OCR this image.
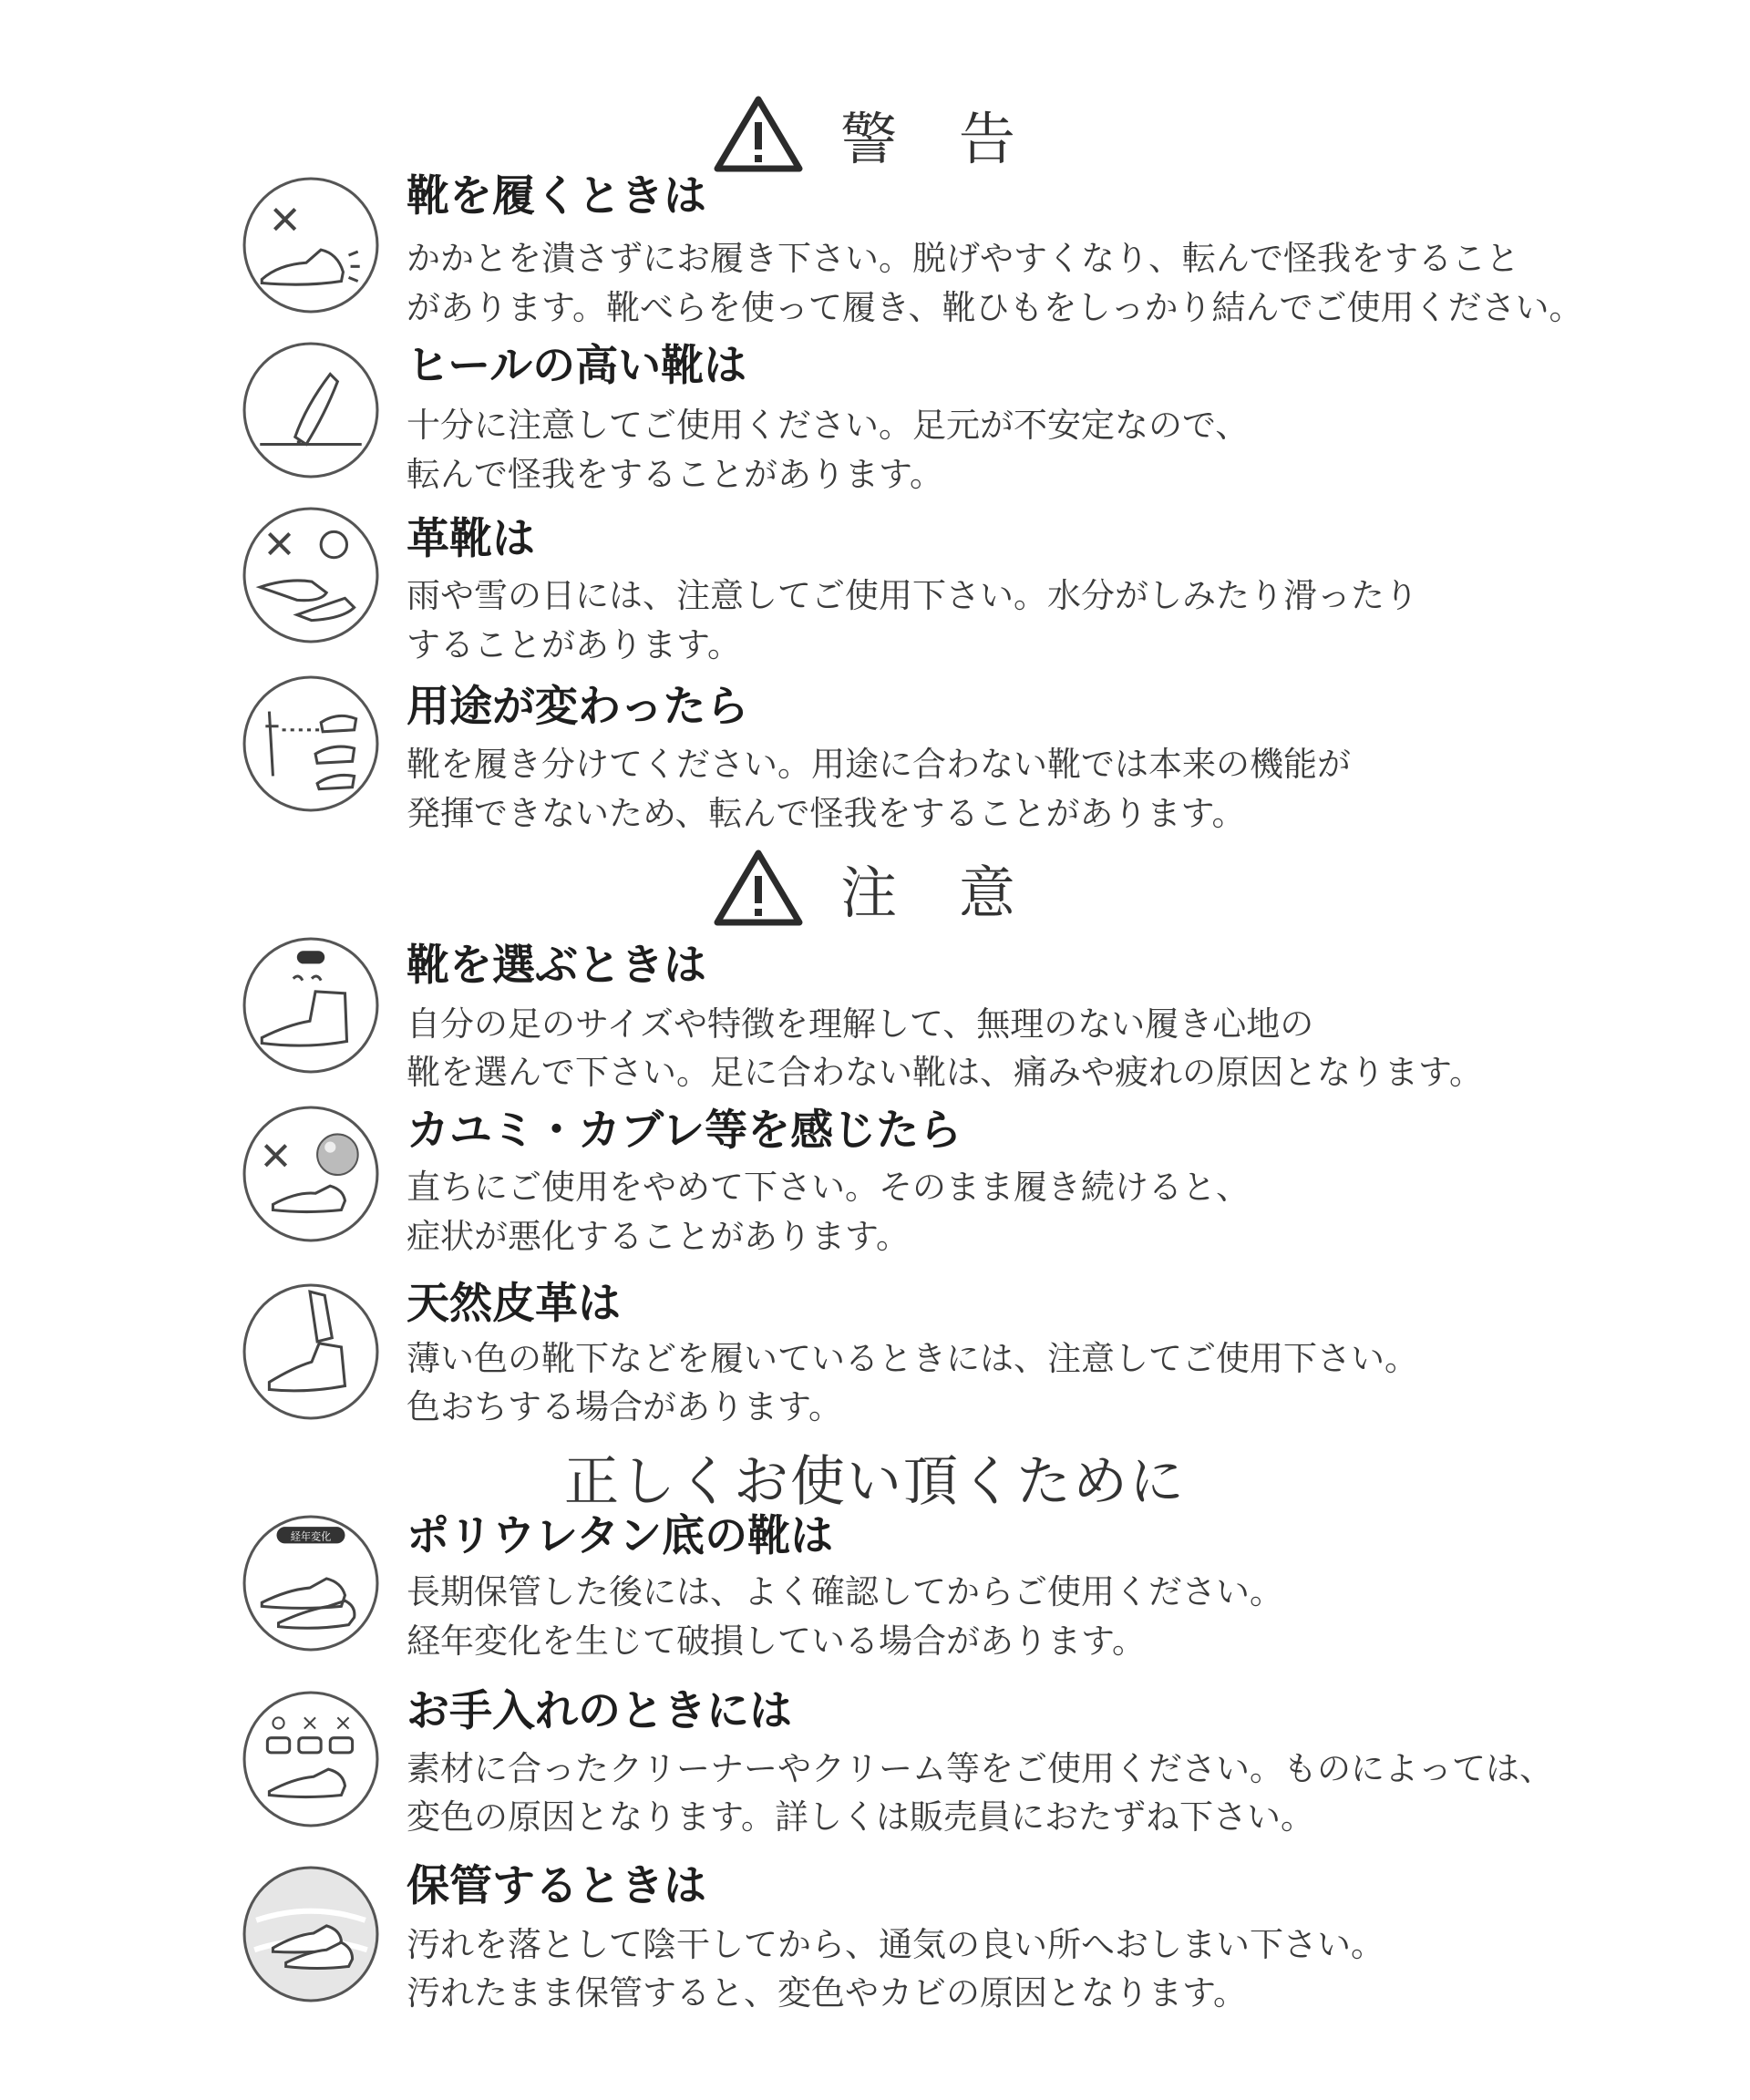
警 告
靴を履くときは
かかとを潰さずにお履き下さい。脱げやすくなり、転んで怪我をすること
があります。靴べらを使って履き、靴ひもをしっかり結んでご使用ください。
ヒールの高い靴は
十分に注意してご使用ください。足元が不安定なので、
転んで怪我をすることがあります。
革靴は
雨や雪の日には、注意してご使用下さい。水分がしみたり滑ったり
することがあります。
用途が変わったら
靴を履き分けてください。用途に合わない靴では本来の機能が
発揮できないため、転んで怪我をすることがあります。
注 意
靴を選ぶときは
自分の足のサイズや特徴を理解して、無理のない履き心地の
靴を選んで下さい。足に合わない靴は、痛みや疲れの原因となります。
カユミ・カブレ等を感じたら
直ちにご使用をやめて下さい。そのまま履き続けると、
症状が悪化することがあります。
天然皮革は
薄い色の靴下などを履いているときには、注意してご使用下さい。
色おちする場合があります。
正しくお使い頂くために
経年変化 ポリウレタン底の靴は
長期保管した後には、よく確認してからご使用ください。
経年変化を生じて破損している場合があります。
お手入れのときには
素材に合ったクリーナーやクリーム等をご使用ください。ものによっては、
変色の原因となります。詳しくは販売員におたずね下さい。
保管するときは
汚れを落として陰干してから、通気の良い所へおしまい下さい。
汚れたまま保管すると、変色やカビの原因となります。
